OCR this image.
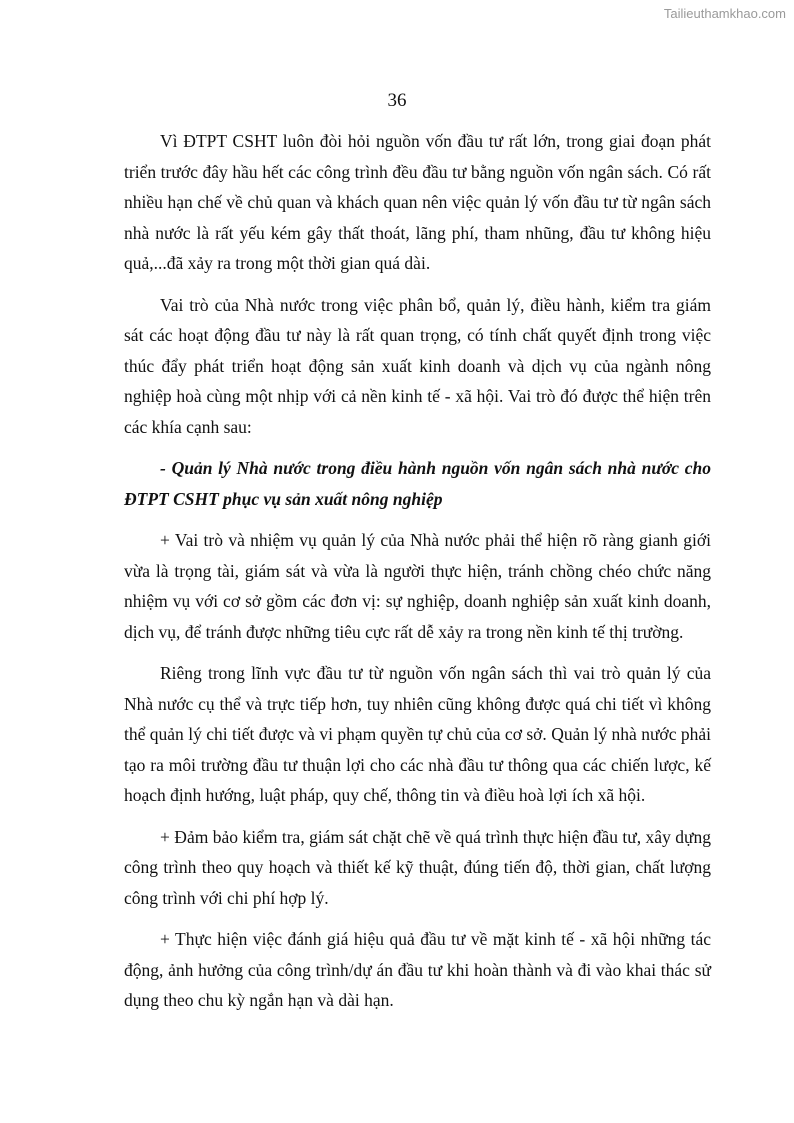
Tailieuthamkhao.com
36

Vì ĐTPT CSHT luôn đòi hỏi nguồn vốn đầu tư rất lớn, trong giai đoạn phát triển trước đây hầu hết các công trình đều đầu tư bằng nguồn vốn ngân sách. Có rất nhiều hạn chế về chủ quan và khách quan nên việc quản lý vốn đầu tư từ ngân sách nhà nước là rất yếu kém gây thất thoát, lãng phí, tham nhũng, đầu tư không hiệu quả,...đã xảy ra trong một thời gian quá dài.

Vai trò của Nhà nước trong việc phân bổ, quản lý, điều hành, kiểm tra giám sát các hoạt động đầu tư này là rất quan trọng, có tính chất quyết định trong việc thúc đẩy phát triển hoạt động sản xuất kinh doanh và dịch vụ của ngành nông nghiệp hoà cùng một nhịp với cả nền kinh tế - xã hội. Vai trò đó được thể hiện trên các khía cạnh sau:

- Quản lý Nhà nước trong điều hành nguồn vốn ngân sách nhà nước cho ĐTPT CSHT phục vụ sản xuất nông nghiệp

+ Vai trò và nhiệm vụ quản lý của Nhà nước phải thể hiện rõ ràng gianh giới vừa là trọng tài, giám sát và vừa là người thực hiện, tránh chồng chéo chức năng nhiệm vụ với cơ sở gồm các đơn vị: sự nghiệp, doanh nghiệp sản xuất kinh doanh, dịch vụ, để tránh được những tiêu cực rất dễ xảy ra trong nền kinh tế thị trường.

Riêng trong lĩnh vực đầu tư từ nguồn vốn ngân sách thì vai trò quản lý của Nhà nước cụ thể và trực tiếp hơn, tuy nhiên cũng không được quá chi tiết vì không thể quản lý chi tiết được và vi phạm quyền tự chủ của cơ sở. Quản lý nhà nước phải tạo ra môi trường đầu tư thuận lợi cho các nhà đầu tư thông qua các chiến lược, kế hoạch định hướng, luật pháp, quy chế, thông tin và điều hoà lợi ích xã hội.

+ Đảm bảo kiểm tra, giám sát chặt chẽ về quá trình thực hiện đầu tư, xây dựng công trình theo quy hoạch và thiết kế kỹ thuật, đúng tiến độ, thời gian, chất lượng công trình với chi phí hợp lý.

+ Thực hiện việc đánh giá hiệu quả đầu tư về mặt kinh tế - xã hội những tác động, ảnh hưởng của công trình/dự án đầu tư khi hoàn thành và đi vào khai thác sử dụng theo chu kỳ ngắn hạn và dài hạn.
